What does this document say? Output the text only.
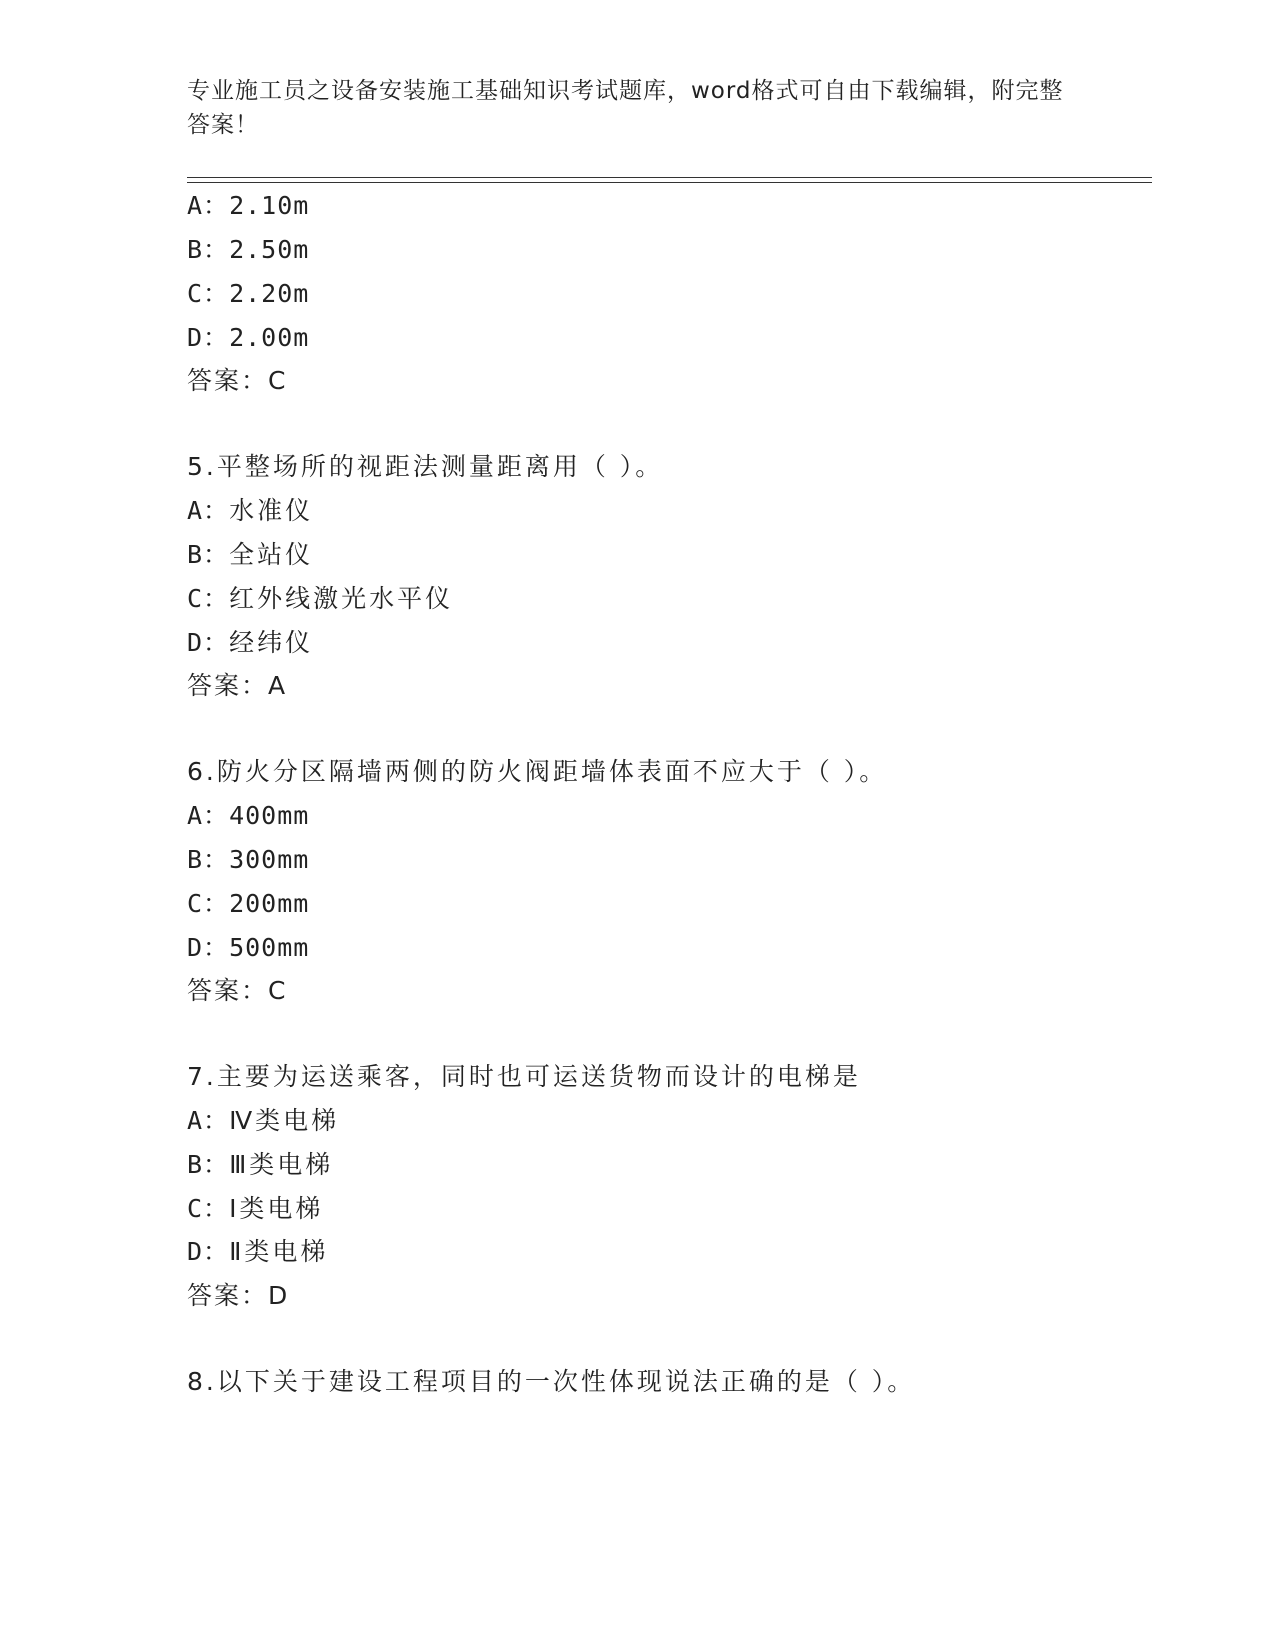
专业施工员之设备安装施工基础知识考试题库，word格式可自由下载编辑，附完整答案！
A：2.10m
B：2.50m
C：2.20m
D：2.00m
答案：C
5.平整场所的视距法测量距离用（ ）。
A：水准仪
B：全站仪
C：红外线激光水平仪
D：经纬仪
答案：A
6.防火分区隔墙两侧的防火阀距墙体表面不应大于（ ）。
A：400mm
B：300mm
C：200mm
D：500mm
答案：C
7.主要为运送乘客，同时也可运送货物而设计的电梯是
A：Ⅳ类电梯
B：Ⅲ类电梯
C：Ⅰ类电梯
D：Ⅱ类电梯
答案：D
8.以下关于建设工程项目的一次性体现说法正确的是（ ）。
